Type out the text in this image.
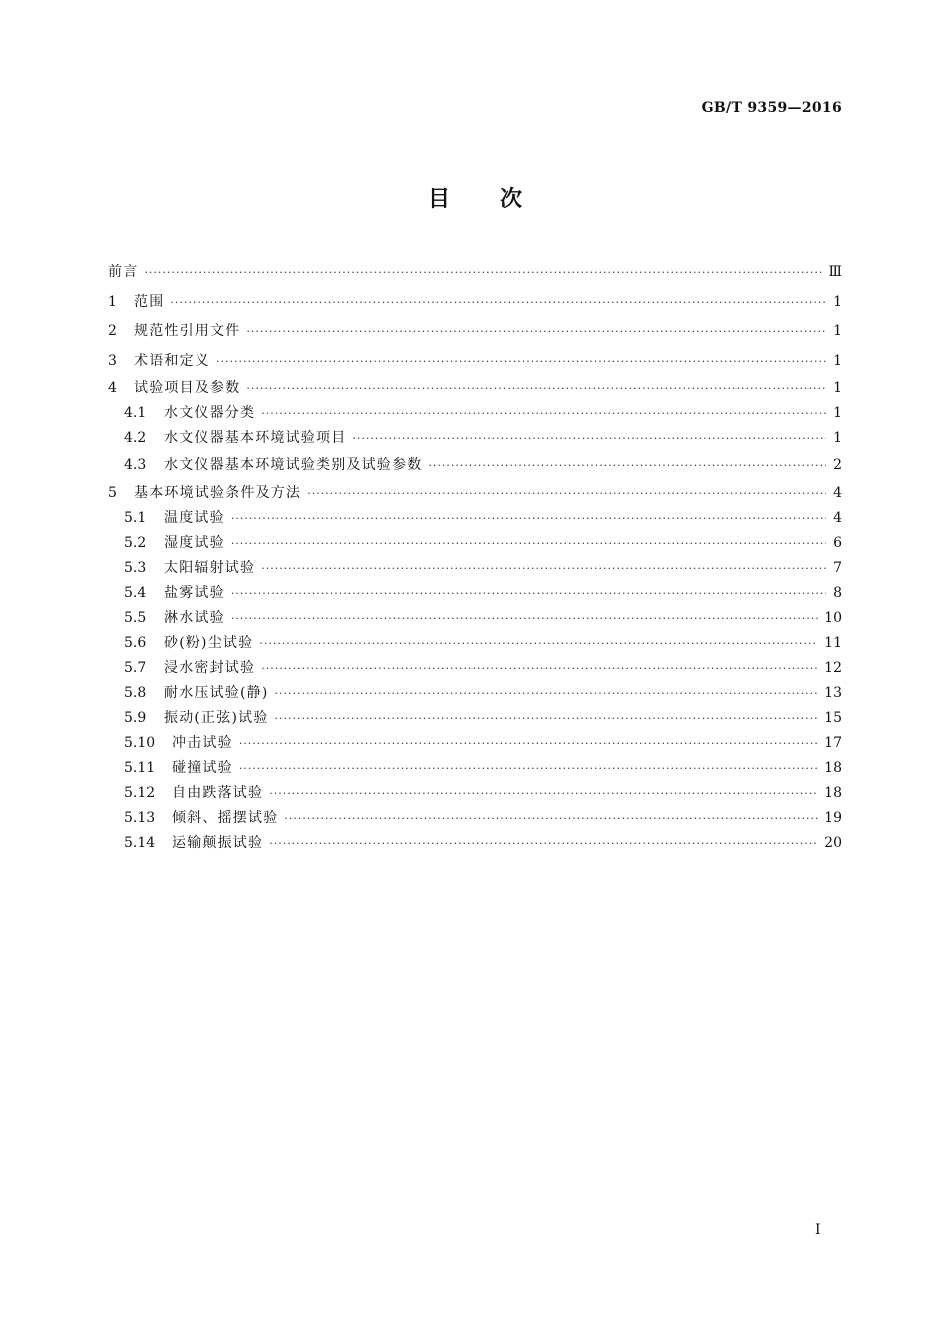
GB/T 9359—2016
目 次
前言 ·····	Ⅲ
1	范围 ·····	1
2	规范性引用文件 ·····	1
3	术语和定义 ·····	1
4	试验项目及参数 ·····	1
4.1	水文仪器分类 ·····	1
4.2	水文仪器基本环境试验项目 ·····	1
4.3	水文仪器基本环境试验类别及试验参数 ·····	2
5	基本环境试验条件及方法 ·····	4
5.1	温度试验 ·····	4
5.2	湿度试验 ·····	6
5.3	太阳辐射试验 ·····	7
5.4	盐雾试验 ·····	8
5.5	淋水试验 ·····	10
5.6	砂(粉)尘试验 ·····	11
5.7	浸水密封试验 ·····	12
5.8	耐水压试验(静) ·····	13
5.9	振动(正弦)试验 ·····	15
5.10	冲击试验 ·····	17
5.11	碰撞试验 ·····	18
5.12	自由跌落试验 ·····	18
5.13	倾斜、摇摆试验 ·····	19
5.14	运输颠振试验 ·····	20
I
